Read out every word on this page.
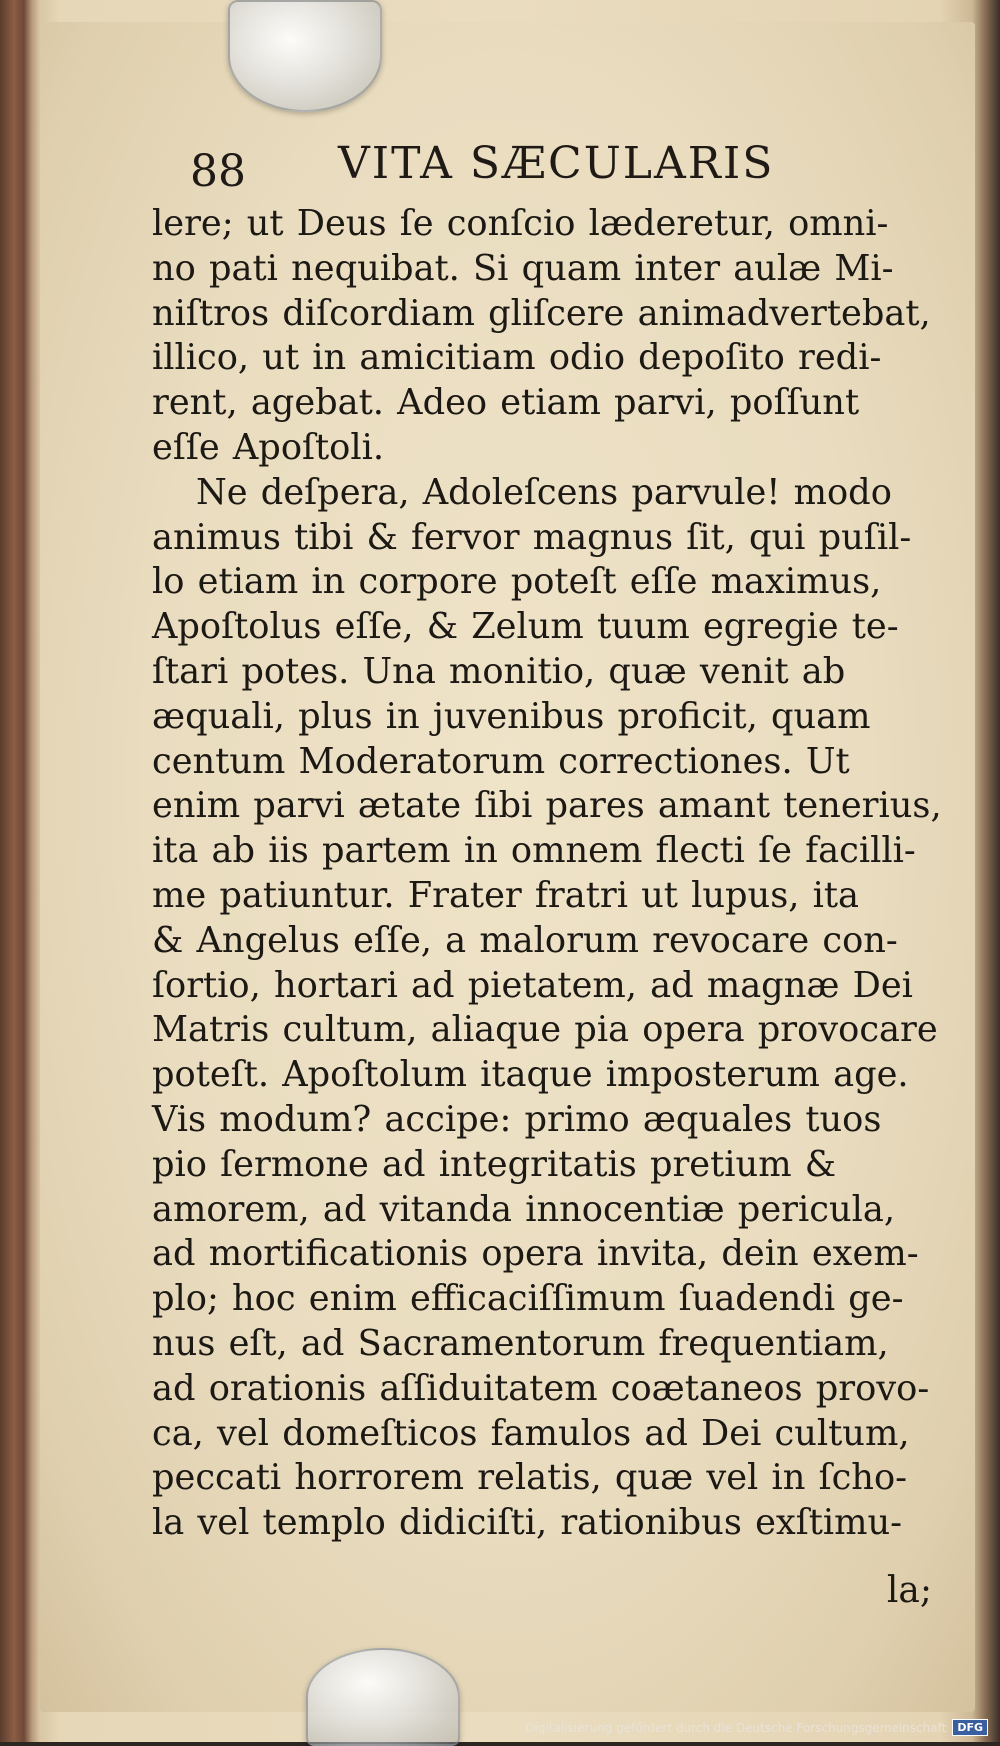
88 VITA SÆCULARIS
lere; ut Deus ſe conſcio læderetur, omni-
no pati nequibat. Si quam inter aulæ Mi-
niſtros diſcordiam gliſcere animadvertebat,
illico, ut in amicitiam odio depoſito redi-
rent, agebat. Adeo etiam parvi, poſſunt
eſſe Apoſtoli.
Ne deſpera, Adoleſcens parvule! modo
animus tibi & fervor magnus ſit, qui puſil-
lo etiam in corpore poteſt eſſe maximus,
Apoſtolus eſſe, & Zelum tuum egregie te-
ſtari potes. Una monitio, quæ venit ab
æquali, plus in juvenibus proficit, quam
centum Moderatorum correctiones. Ut
enim parvi ætate ſibi pares amant tenerius,
ita ab iis partem in omnem flecti ſe facilli-
me patiuntur. Frater fratri ut lupus, ita
& Angelus eſſe, a malorum revocare con-
ſortio, hortari ad pietatem, ad magnæ Dei
Matris cultum, aliaque pia opera provocare
poteſt. Apoſtolum itaque imposterum age.
Vis modum? accipe: primo æquales tuos
pio ſermone ad integritatis pretium &
amorem, ad vitanda innocentiæ pericula,
ad mortificationis opera invita, dein exem-
plo; hoc enim efficaciſſimum ſuadendi ge-
nus eſt, ad Sacramentorum frequentiam,
ad orationis aſſiduitatem coætaneos provo-
ca, vel domeſticos famulos ad Dei cultum,
peccati horrorem relatis, quæ vel in ſcho-
la vel templo didiciſti, rationibus exſtimu-
la;
Digitalisierung gefördert durch die Deutsche Forschungsgemeinschaft	DFG
